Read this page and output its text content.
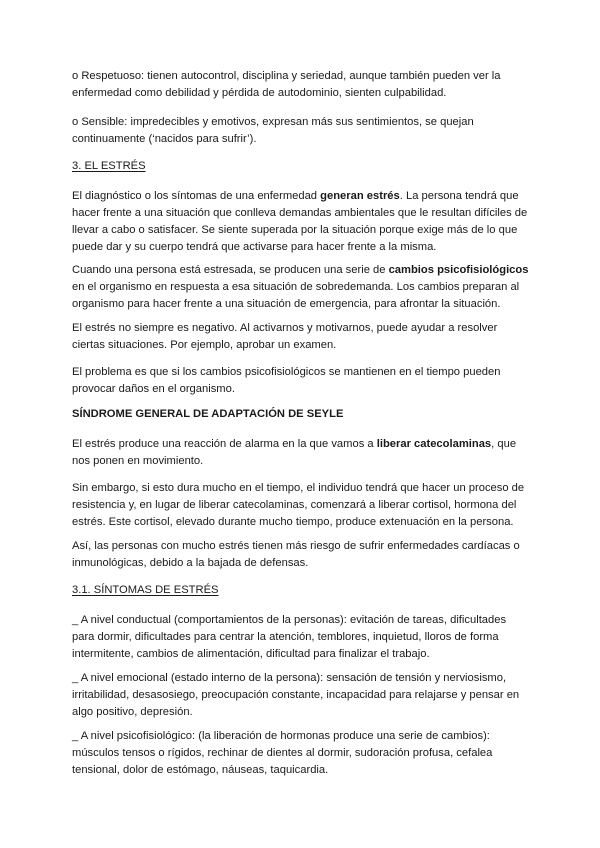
o Respetuoso: tienen autocontrol, disciplina y seriedad, aunque también pueden ver la
enfermedad como debilidad y pérdida de autodominio, sienten culpabilidad.

o Sensible: impredecibles y emotivos, expresan más sus sentimientos, se quejan
continuamente (‘nacidos para sufrir’).

3. EL ESTRÉS

El diagnóstico o los síntomas de una enfermedad generan estrés. La persona tendrá que
hacer frente a una situación que conlleva demandas ambientales que le resultan difíciles de
llevar a cabo o satisfacer. Se siente superada por la situación porque exige más de lo que
puede dar y su cuerpo tendrá que activarse para hacer frente a la misma.

Cuando una persona está estresada, se producen una serie de cambios psicofisiológicos
en el organismo en respuesta a esa situación de sobredemanda. Los cambios preparan al
organismo para hacer frente a una situación de emergencia, para afrontar la situación.

El estrés no siempre es negativo. Al activarnos y motivarnos, puede ayudar a resolver
ciertas situaciones. Por ejemplo, aprobar un examen.

El problema es que si los cambios psicofisiológicos se mantienen en el tiempo pueden
provocar daños en el organismo.

SÍNDROME GENERAL DE ADAPTACIÓN DE SEYLE

El estrés produce una reacción de alarma en la que vamos a liberar catecolaminas, que
nos ponen en movimiento.

Sin embargo, si esto dura mucho en el tiempo, el individuo tendrá que hacer un proceso de
resistencia y, en lugar de liberar catecolaminas, comenzará a liberar cortisol, hormona del
estrés. Este cortisol, elevado durante mucho tiempo, produce extenuación en la persona.

Así, las personas con mucho estrés tienen más riesgo de sufrir enfermedades cardíacas o
inmunológicas, debido a la bajada de defensas.

3.1. SÍNTOMAS DE ESTRÉS

_ A nivel conductual (comportamientos de la personas): evitación de tareas, dificultades
para dormir, dificultades para centrar la atención, temblores, inquietud, lloros de forma
intermitente, cambios de alimentación, dificultad para finalizar el trabajo.

_ A nivel emocional (estado interno de la persona): sensación de tensión y nerviosismo,
irritabilidad, desasosiego, preocupación constante, incapacidad para relajarse y pensar en
algo positivo, depresión.

_ A nivel psicofisiológico: (la liberación de hormonas produce una serie de cambios):
músculos tensos o rígidos, rechinar de dientes al dormir, sudoración profusa, cefalea
tensional, dolor de estómago, náuseas, taquicardia.
